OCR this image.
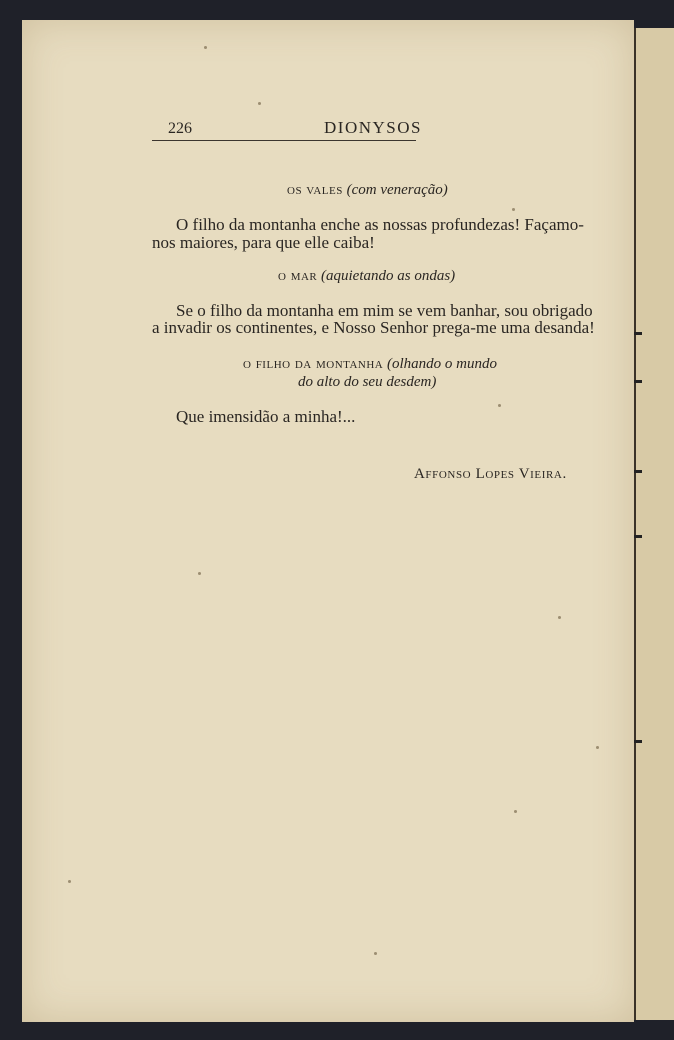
226	DIONYSOS
os vales (com veneração)
O filho da montanha enche as nossas profundezas! Façamo-
nos maiores, para que elle caiba!
o mar (aquietando as ondas)
Se o filho da montanha em mim se vem banhar, sou obrigado
a invadir os continentes, e Nosso Senhor prega-me uma desanda!
o filho da montanha (olhando o mundo
do alto do seu desdem)
Que imensidão a minha!...
Affonso Lopes Vieira.
